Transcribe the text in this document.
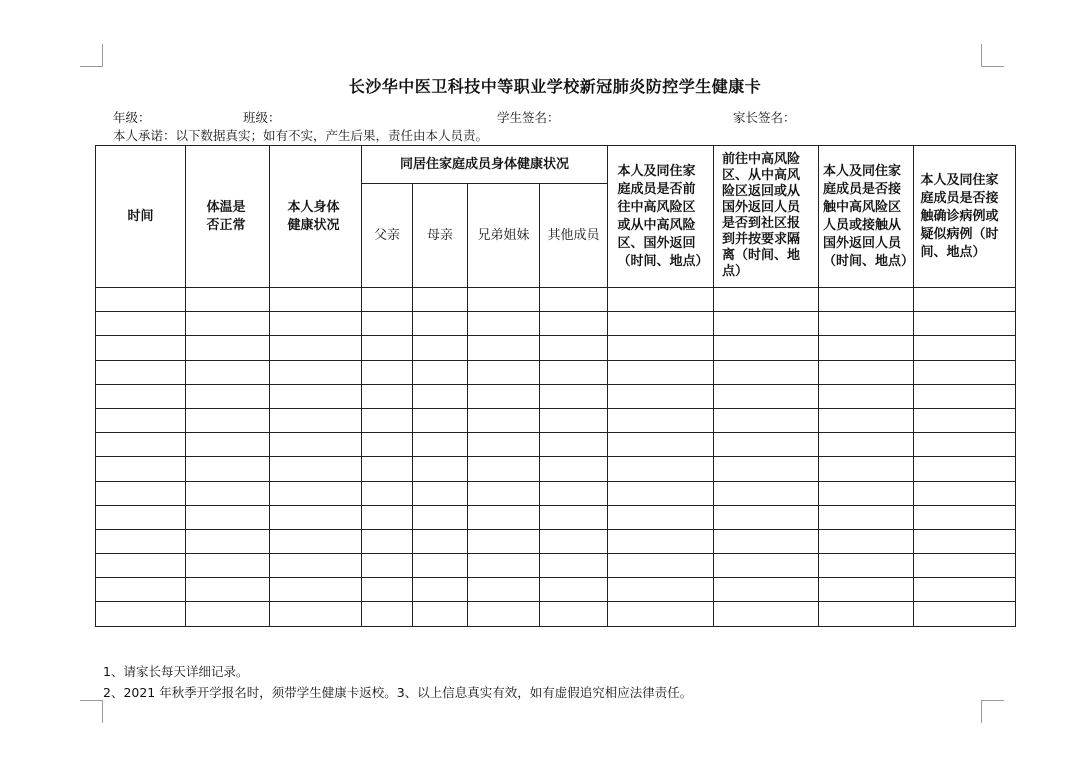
长沙华中医卫科技中等职业学校新冠肺炎防控学生健康卡
年级：	班级：	学生签名：	家长签名：
本人承诺：以下数据真实；如有不实，产生后果，责任由本人员责。
时间	体温是否正常	本人身体健康状况	同居住家庭成员身体健康状况				本人及同住家庭成员是否前往中高风险区或从中高风险区、国外返回（时间、地点）	前往中高风险区、从中高风险区返回或从国外返回人员是否到社区报到并按要求隔离（时间、地点）	本人及同住家庭成员是否接触中高风险区人员或接触从国外返回人员（时间、地点）	本人及同住家庭成员是否接触确诊病例或疑似病例（时间、地点）
			父亲	母亲	兄弟姐妹	其他成员				

1、请家长每天详细记录。
2、2021 年秋季开学报名时，须带学生健康卡返校。3、以上信息真实有效，如有虚假追究相应法律责任。
